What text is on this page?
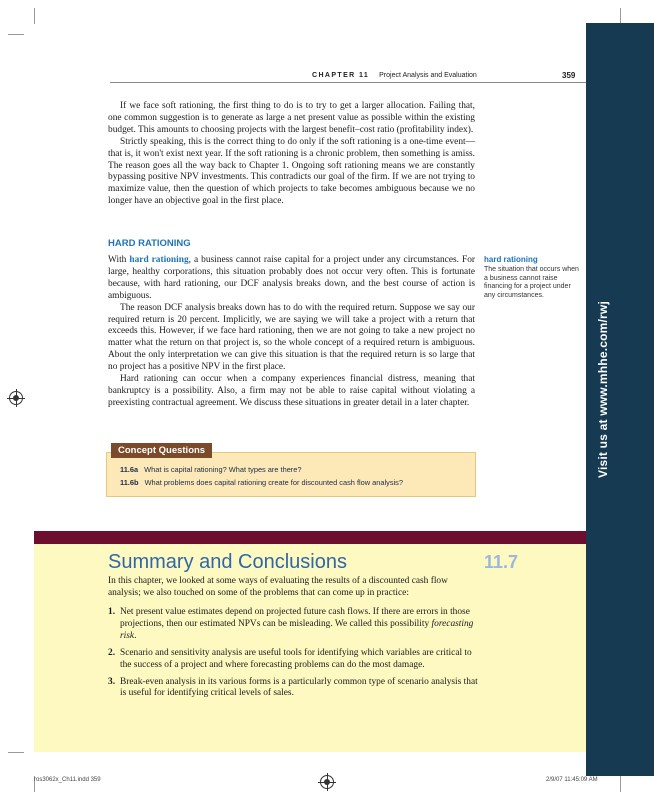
Visit us at www.mhhe.com/rwj
CHAPTER 11 Project Analysis and Evaluation	359

If we face soft rationing, the first thing to do is to try to get a larger allocation. Failing that, one common suggestion is to generate as large a net present value as possible within the existing budget. This amounts to choosing projects with the largest benefit–cost ratio (profitability index).

Strictly speaking, this is the correct thing to do only if the soft rationing is a one-time event—that is, it won't exist next year. If the soft rationing is a chronic problem, then something is amiss. The reason goes all the way back to Chapter 1. Ongoing soft rationing means we are constantly bypassing positive NPV investments. This contradicts our goal of the firm. If we are not trying to maximize value, then the question of which projects to take becomes ambiguous because we no longer have an objective goal in the first place.

HARD RATIONING

With hard rationing, a business cannot raise capital for a project under any circumstances. For large, healthy corporations, this situation probably does not occur very often. This is fortunate because, with hard rationing, our DCF analysis breaks down, and the best course of action is ambiguous.

The reason DCF analysis breaks down has to do with the required return. Suppose we say our required return is 20 percent. Implicitly, we are saying we will take a project with a return that exceeds this. However, if we face hard rationing, then we are not going to take a new project no matter what the return on that project is, so the whole concept of a required return is ambiguous. About the only interpretation we can give this situation is that the required return is so large that no project has a positive NPV in the first place.

Hard rationing can occur when a company experiences financial distress, meaning that bankruptcy is a possibility. Also, a firm may not be able to raise capital without violating a preexisting contractual agreement. We discuss these situations in greater detail in a later chapter.

hard rationing
The situation that occurs when a business cannot raise financing for a project under any circumstances.
Concept Questions
11.6a What is capital rationing? What types are there?
11.6b What problems does capital rationing create for discounted cash flow analysis?
Summary and Conclusions	11.7
In this chapter, we looked at some ways of evaluating the results of a discounted cash flow analysis; we also touched on some of the problems that can come up in practice:
1. Net present value estimates depend on projected future cash flows. If there are errors in those projections, then our estimated NPVs can be misleading. We called this possibility forecasting risk.
2. Scenario and sensitivity analysis are useful tools for identifying which variables are critical to the success of a project and where forecasting problems can do the most damage.
3. Break-even analysis in its various forms is a particularly common type of scenario analysis that is useful for identifying critical levels of sales.
ros3062x_Ch11.indd 359	2/9/07 11:45:09 AM
